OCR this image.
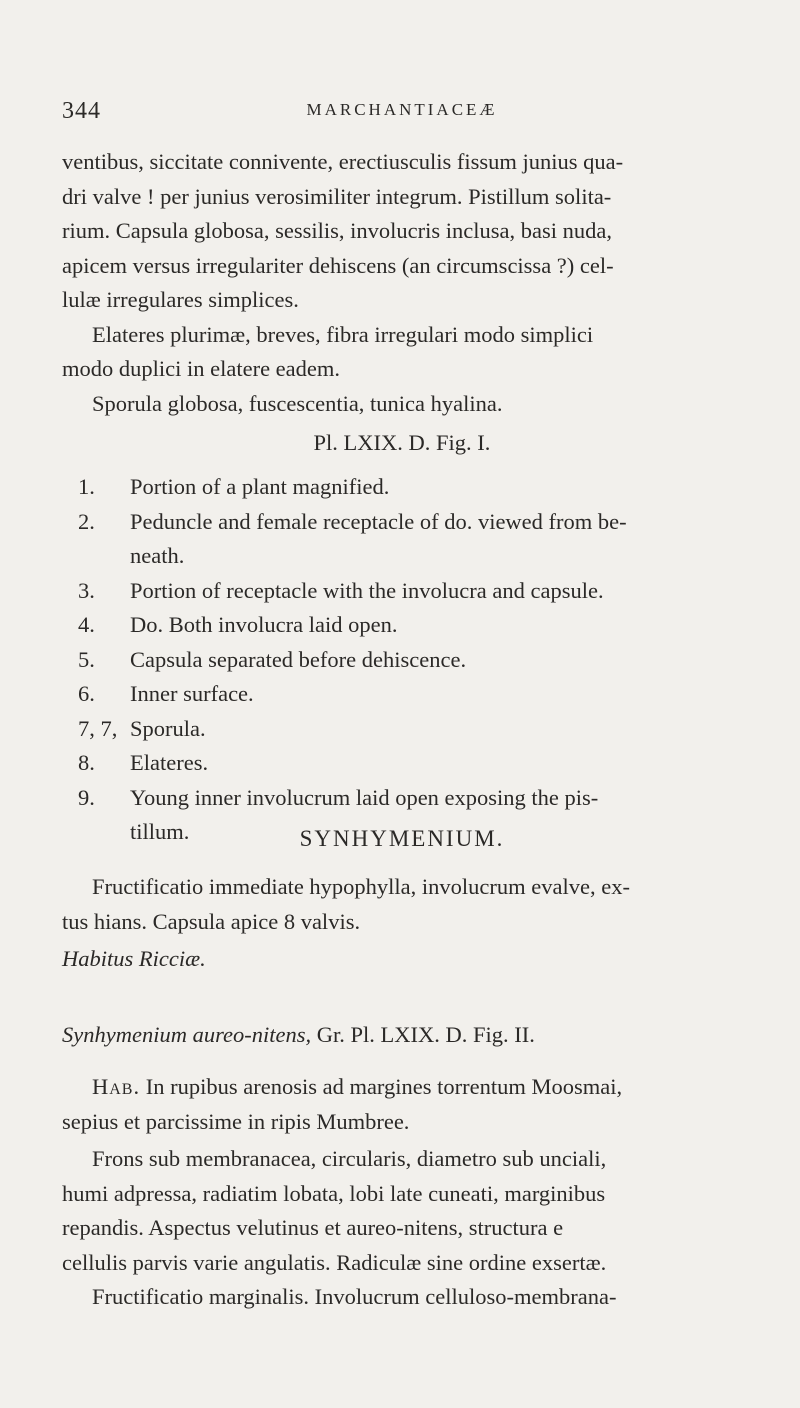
344	MARCHANTIACEÆ

ventibus, siccitate connivente, erectiusculis fissum junius qua-

dri valve ! per junius verosimiliter integrum. Pistillum solita-

rium. Capsula globosa, sessilis, involucris inclusa, basi nuda,

apicem versus irregulariter dehiscens (an circumscissa ?) cel-

lulæ irregulares simplices.

Elateres plurimæ, breves, fibra irregulari modo simplici

modo duplici in elatere eadem.

Sporula globosa, fuscescentia, tunica hyalina.

Pl. LXIX. D. Fig. I.
1.	Portion of a plant magnified.
2.	Peduncle and female receptacle of do. viewed from be-
neath.
3.	Portion of receptacle with the involucra and capsule.
4.	Do. Both involucra laid open.
5.	Capsula separated before dehiscence.
6.	Inner surface.
7, 7, Sporula.
8.	Elateres.
9.	Young inner involucrum laid open exposing the pis-
tillum.	SYNHYMENIUM.

Fructificatio immediate hypophylla, involucrum evalve, ex-

tus hians. Capsula apice 8 valvis.

Habitus Ricciæ.
Synhymenium aureo-nitens, Gr. Pl. LXIX. D. Fig. II.

Hab. In rupibus arenosis ad margines torrentum Moosmai,

sepius et parcissime in ripis Mumbree.

Frons sub membranacea, circularis, diametro sub unciali,

humi adpressa, radiatim lobata, lobi late cuneati, marginibus

repandis. Aspectus velutinus et aureo-nitens, structura e

cellulis parvis varie angulatis. Radiculæ sine ordine exsertæ.

Fructificatio marginalis. Involucrum celluloso-membrana-
